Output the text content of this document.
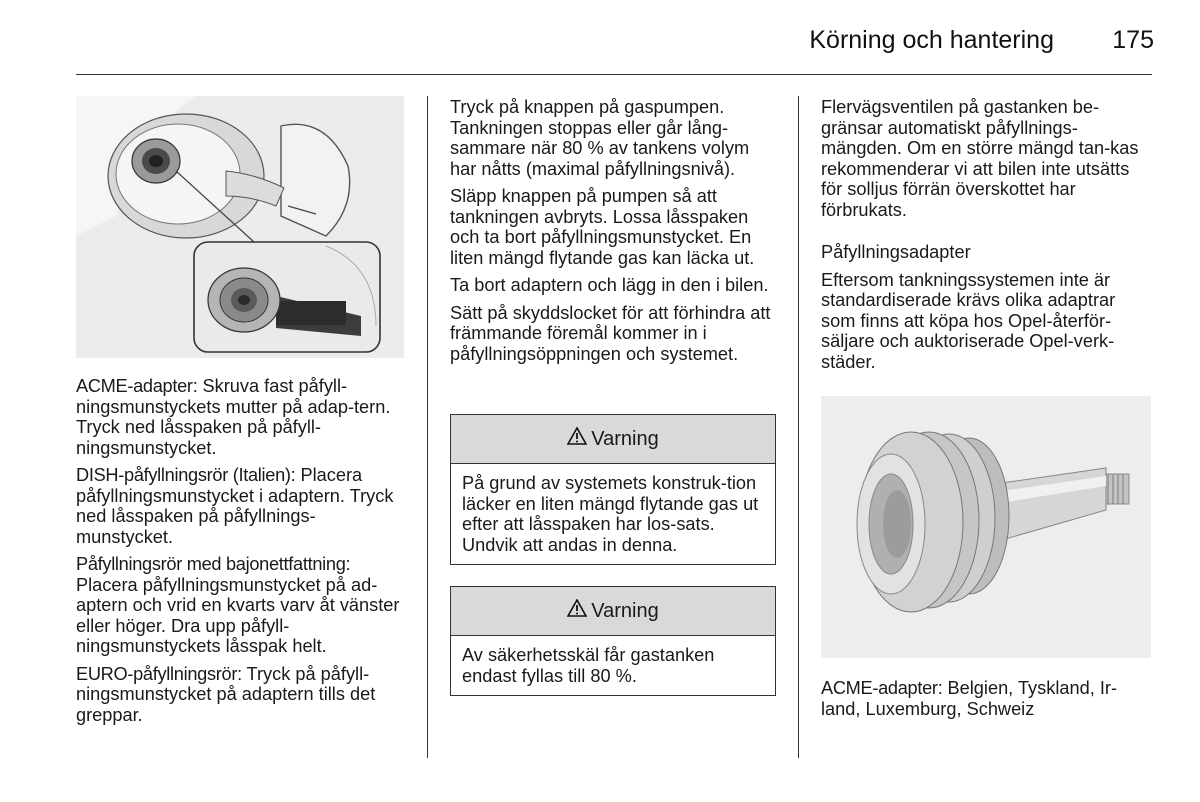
Körning och hantering 175

ACME-adapter: Skruva fast påfyll-ningsmunstyckets mutter på adap-tern. Tryck ned låsspaken på påfyll-ningsmunstycket.

DISH-påfyllningsrör (Italien): Placera påfyllningsmunstycket i adaptern. Tryck ned låsspaken på påfyllnings-munstycket.

Påfyllningsrör med bajonettfattning: Placera påfyllningsmunstycket på ad-aptern och vrid en kvarts varv åt vänster eller höger. Dra upp påfyll-ningsmunstyckets låsspak helt.

EURO-påfyllningsrör: Tryck på påfyll-ningsmunstycket på adaptern tills det greppar.

Tryck på knappen på gaspumpen. Tankningen stoppas eller går lång-sammare när 80 % av tankens volym har nåtts (maximal påfyllningsnivå).

Släpp knappen på pumpen så att tankningen avbryts. Lossa låsspaken och ta bort påfyllningsmunstycket. En liten mängd flytande gas kan läcka ut.

Ta bort adaptern och lägg in den i bilen.

Sätt på skyddslocket för att förhindra att främmande föremål kommer in i påfyllningsöppningen och systemet.

Varning
På grund av systemets konstruk-tion läcker en liten mängd flytande gas ut efter att låsspaken har los-sats. Undvik att andas in denna.
Varning
Av säkerhetsskäl får gastanken endast fyllas till 80 %.

Flervägsventilen på gastanken be-gränsar automatiskt påfyllnings-mängden. Om en större mängd tan-kas rekommenderar vi att bilen inte utsätts för solljus förrän överskottet har förbrukats.

Påfyllningsadapter

Eftersom tankningssystemen inte är standardiserade krävs olika adaptrar som finns att köpa hos Opel-återför-säljare och auktoriserade Opel-verk-städer.

ACME-adapter: Belgien, Tyskland, Ir-land, Luxemburg, Schweiz
